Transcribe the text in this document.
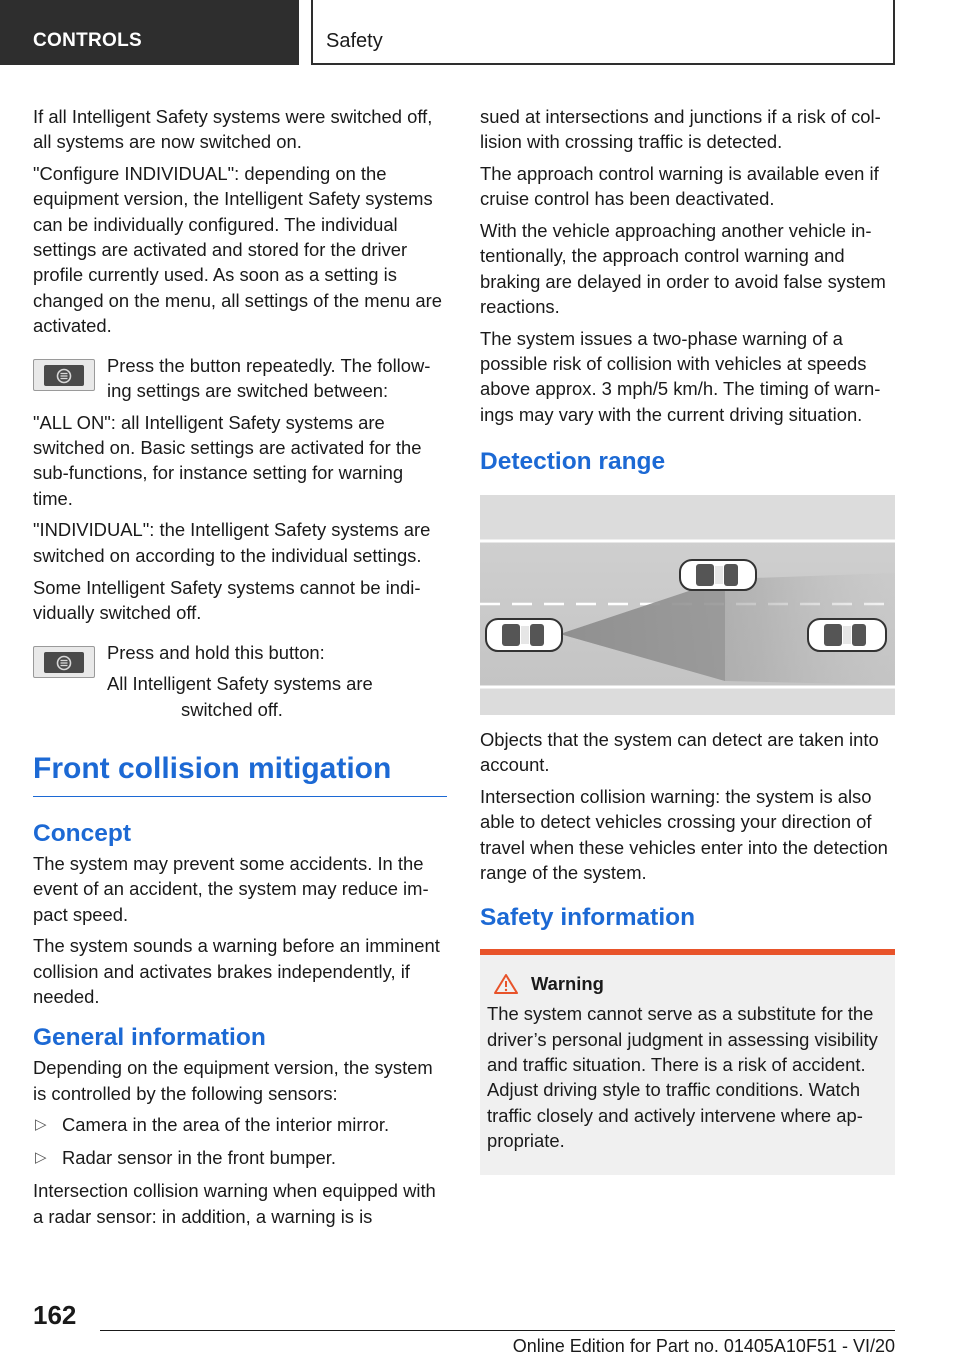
CONTROLS	Safety

If all Intelligent Safety systems were switched off, all systems are now switched on.

"Configure INDIVIDUAL": depending on the equipment version, the Intelligent Safety systems can be individually configured. The individual settings are activated and stored for the driver profile currently used. As soon as a setting is changed on the menu, all settings of the menu are activated.

Press the button repeatedly. The following settings are switched between:

"ALL ON": all Intelligent Safety systems are switched on. Basic settings are activated for the sub-functions, for instance setting for warning time.

"INDIVIDUAL": the Intelligent Safety systems are switched on according to the individual settings.

Some Intelligent Safety systems cannot be individually switched off.

Press and hold this button:

All Intelligent Safety systems are switched off.

Front collision mitigation
Concept

The system may prevent some accidents. In the event of an accident, the system may reduce impact speed.

The system sounds a warning before an imminent collision and activates brakes independently, if needed.

General information

Depending on the equipment version, the system is controlled by the following sensors:

▷ Camera in the area of the interior mirror.
▷ Radar sensor in the front bumper.

Intersection collision warning when equipped with a radar sensor: in addition, a warning is is

sued at intersections and junctions if a risk of collision with crossing traffic is detected.

The approach control warning is available even if cruise control has been deactivated.

With the vehicle approaching another vehicle intentionally, the approach control warning and braking are delayed in order to avoid false system reactions.

The system issues a two-phase warning of a possible risk of collision with vehicles at speeds above approx. 3 mph/5 km/h. The timing of warnings may vary with the current driving situation.

Detection range

Objects that the system can detect are taken into account.

Intersection collision warning: the system is also able to detect vehicles crossing your direction of travel when these vehicles enter into the detection range of the system.

Safety information
Warning

The system cannot serve as a substitute for the driver’s personal judgment in assessing visibility and traffic situation. There is a risk of accident. Adjust driving style to traffic conditions. Watch traffic closely and actively intervene where appropriate.

162
Online Edition for Part no. 01405A10F51 - VI/20
